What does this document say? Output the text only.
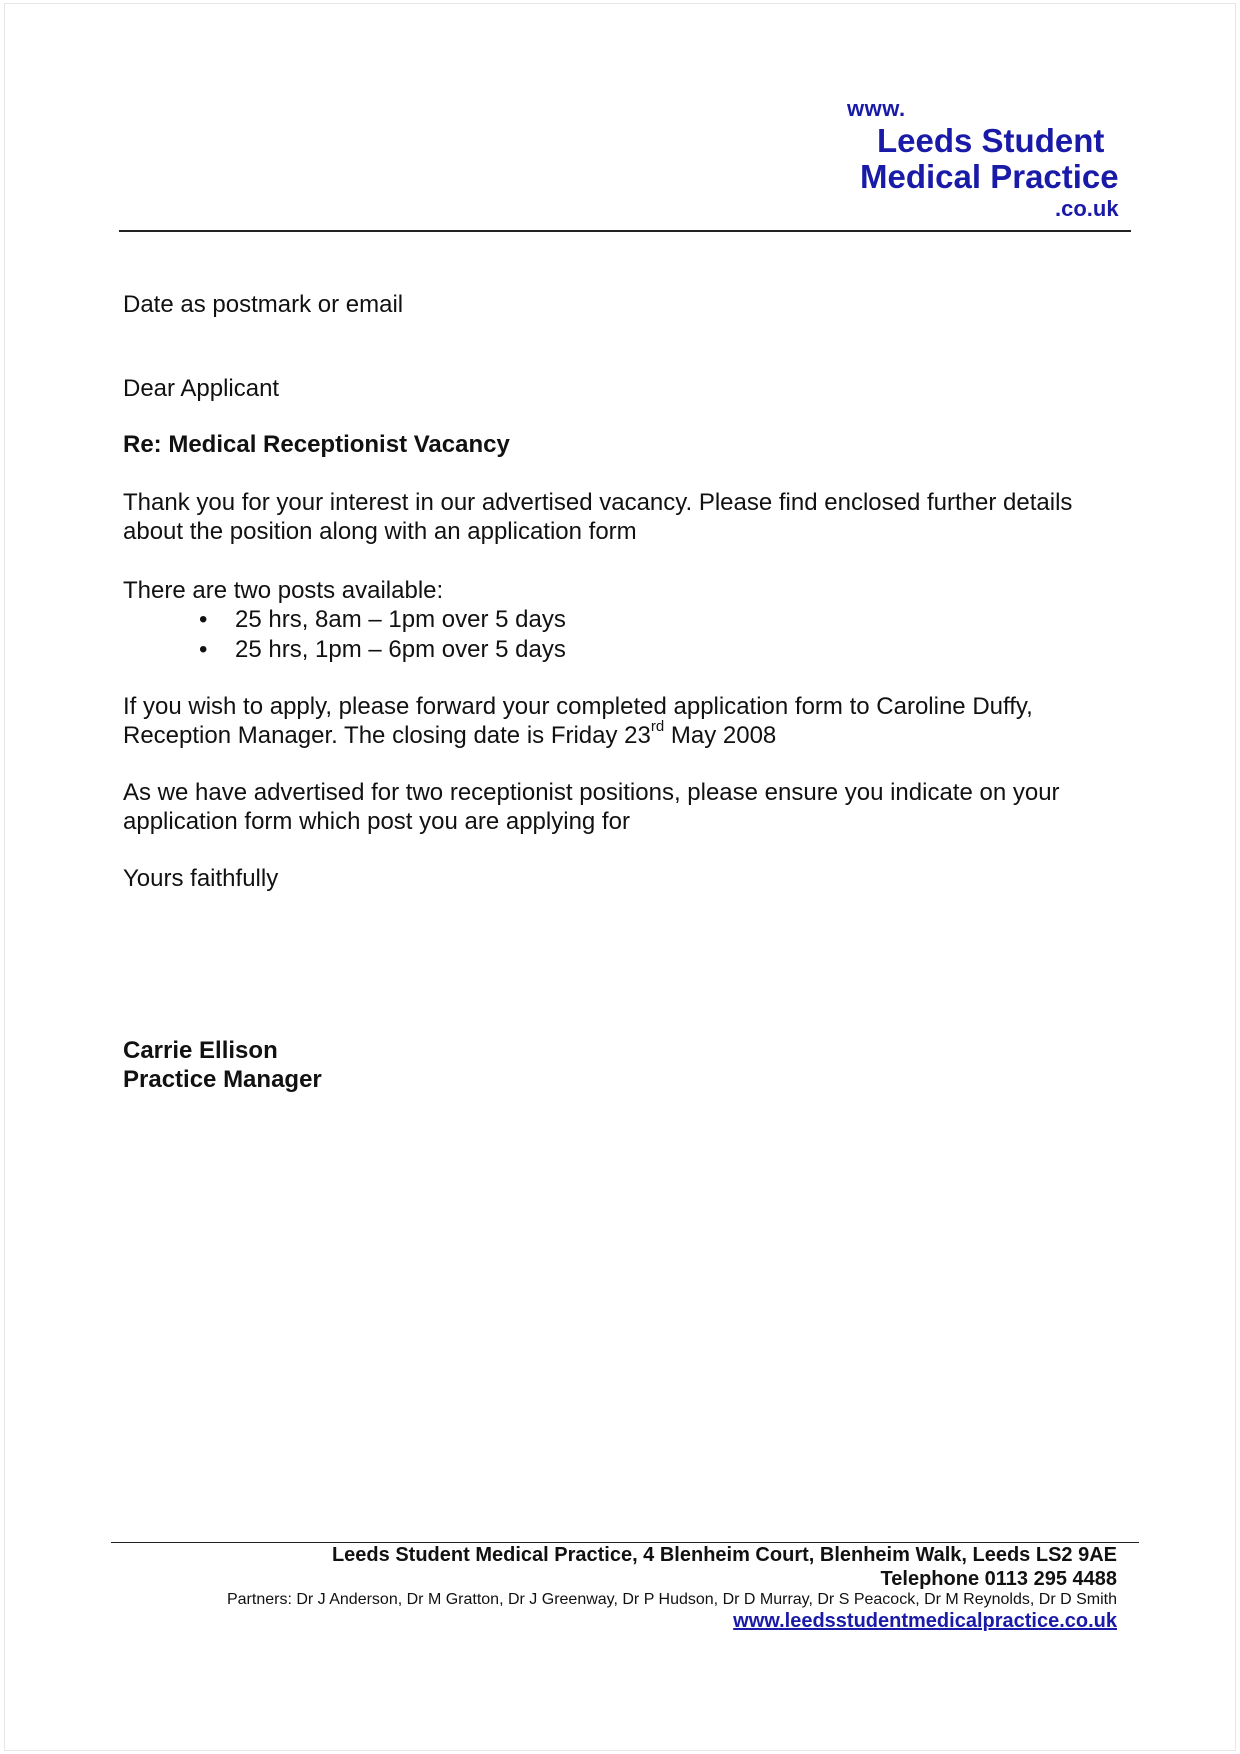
www.
Leeds Student
Medical Practice
.co.uk
Date as postmark or email
Dear Applicant
Re: Medical Receptionist Vacancy
Thank you for your interest in our advertised vacancy. Please find enclosed further details
about the position along with an application form
There are two posts available:
• 25 hrs, 8am – 1pm over 5 days
• 25 hrs, 1pm – 6pm over 5 days
If you wish to apply, please forward your completed application form to Caroline Duffy,
Reception Manager. The closing date is Friday 23rd May 2008
As we have advertised for two receptionist positions, please ensure you indicate on your
application form which post you are applying for
Yours faithfully
Carrie Ellison
Practice Manager
Leeds Student Medical Practice, 4 Blenheim Court, Blenheim Walk, Leeds LS2 9AE
Telephone 0113 295 4488
Partners: Dr J Anderson, Dr M Gratton, Dr J Greenway, Dr P Hudson, Dr D Murray, Dr S Peacock, Dr M Reynolds, Dr D Smith
www.leedsstudentmedicalpractice.co.uk
